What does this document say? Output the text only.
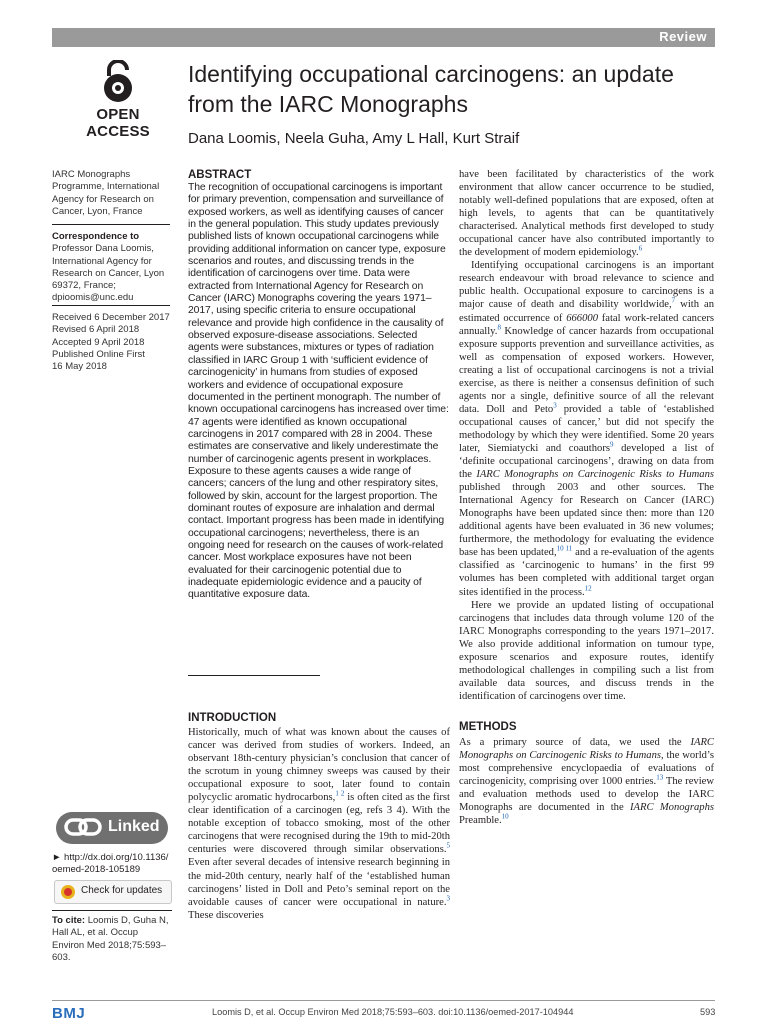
Review
OPEN ACCESS
Identifying occupational carcinogens: an update from the IARC Monographs
Dana Loomis, Neela Guha, Amy L Hall, Kurt Straif
IARC Monographs Programme, International Agency for Research on Cancer, Lyon, France
Correspondence to
Professor Dana Loomis, International Agency for Research on Cancer, Lyon 69372, France; dpioomis@unc.edu
Received 6 December 2017
Revised 6 April 2018
Accepted 9 April 2018
Published Online First
16 May 2018
Linked
► http://dx.doi.org/10.1136/ oemed-2018-105189
Check for updates
To cite: Loomis D, Guha N, Hall AL, et al. Occup Environ Med 2018;75:593–603.
ABSTRACT
The recognition of occupational carcinogens is important for primary prevention, compensation and surveillance of exposed workers, as well as identifying causes of cancer in the general population. This study updates previously published lists of known occupational carcinogens while providing additional information on cancer type, exposure scenarios and routes, and discussing trends in the identification of carcinogens over time. Data were extracted from International Agency for Research on Cancer (IARC) Monographs covering the years 1971–2017, using specific criteria to ensure occupational relevance and provide high confidence in the causality of observed exposure-disease associations. Selected agents were substances, mixtures or types of radiation classified in IARC Group 1 with ‘sufficient evidence of carcinogenicity’ in humans from studies of exposed workers and evidence of occupational exposure documented in the pertinent monograph. The number of known occupational carcinogens has increased over time: 47 agents were identified as known occupational carcinogens in 2017 compared with 28 in 2004. These estimates are conservative and likely underestimate the number of carcinogenic agents present in workplaces. Exposure to these agents causes a wide range of cancers; cancers of the lung and other respiratory sites, followed by skin, account for the largest proportion. The dominant routes of exposure are inhalation and dermal contact. Important progress has been made in identifying occupational carcinogens; nevertheless, there is an ongoing need for research on the causes of work-related cancer. Most workplace exposures have not been evaluated for their carcinogenic potential due to inadequate epidemiologic evidence and a paucity of quantitative exposure data.
INTRODUCTION

Historically, much of what was known about the causes of cancer was derived from studies of workers. Indeed, an observant 18th-century physician’s conclusion that cancer of the scrotum in young chimney sweeps was caused by their occupational exposure to soot, later found to contain polycyclic aromatic hydrocarbons,$^{1 2}$ is often cited as the first clear identification of a carcinogen (eg, refs 3 4). With the notable exception of tobacco smoking, most of the other carcinogens that were recognised during the 19th to mid-20th centuries were discovered through similar observations.$^5$ Even after several decades of intensive research beginning in the mid-20th century, nearly half of the ‘established human carcinogens’ listed in Doll and Peto’s seminal report on the avoidable causes of cancer were occupational in nature.$^3$ These discoveries

have been facilitated by characteristics of the work environment that allow cancer occurrence to be studied, notably well-defined populations that are exposed, often at high levels, to agents that can be quantitatively characterised. Analytical methods first developed to study occupational cancer have also contributed importantly to the development of modern epidemiology.$^6$

Identifying occupational carcinogens is an important research endeavour with broad relevance to science and public health. Occupational exposure to carcinogens is a major cause of death and disability worldwide,$^7$ with an estimated occurrence of 666000 fatal work-related cancers annually.$^8$ Knowledge of cancer hazards from occupational exposure supports prevention and surveillance activities, as well as compensation of exposed workers. However, creating a list of occupational carcinogens is not a trivial exercise, as there is neither a consensus definition of such agents nor a single, definitive source of all the relevant data. Doll and Peto$^3$ provided a table of ‘established occupational causes of cancer,’ but did not specify the methodology by which they were identified. Some 20 years later, Siemiatycki and coauthors$^9$ developed a list of ‘definite occupational carcinogens’, drawing on data from the IARC Monographs on Carcinogenic Risks to Humans published through 2003 and other sources. The International Agency for Research on Cancer (IARC) Monographs have been updated since then: more than 120 additional agents have been evaluated in 36 new volumes; furthermore, the methodology for evaluating the evidence base has been updated,$^{10 11}$ and a re-evaluation of the agents classified as ‘carcinogenic to humans’ in the first 99 volumes has been completed with additional target organ sites identified in the process.$^{12}$

Here we provide an updated listing of occupational carcinogens that includes data through volume 120 of the IARC Monographs corresponding to the years 1971–2017. We also provide additional information on tumour type, exposure scenarios and exposure routes, identify methodological challenges in compiling such a list from available data sources, and discuss trends in the identification of carcinogens over time.

METHODS

As a primary source of data, we used the IARC Monographs on Carcinogenic Risks to Humans, the world’s most comprehensive encyclopaedia of evaluations of carcinogenicity, comprising over 1000 entries.$^{13}$ The review and evaluation methods used to develop the IARC Monographs are documented in the IARC Monographs Preamble.$^{10}$

BMJ	Loomis D, et al. Occup Environ Med 2018;75:593–603. doi:10.1136/oemed-2017-104944	593
